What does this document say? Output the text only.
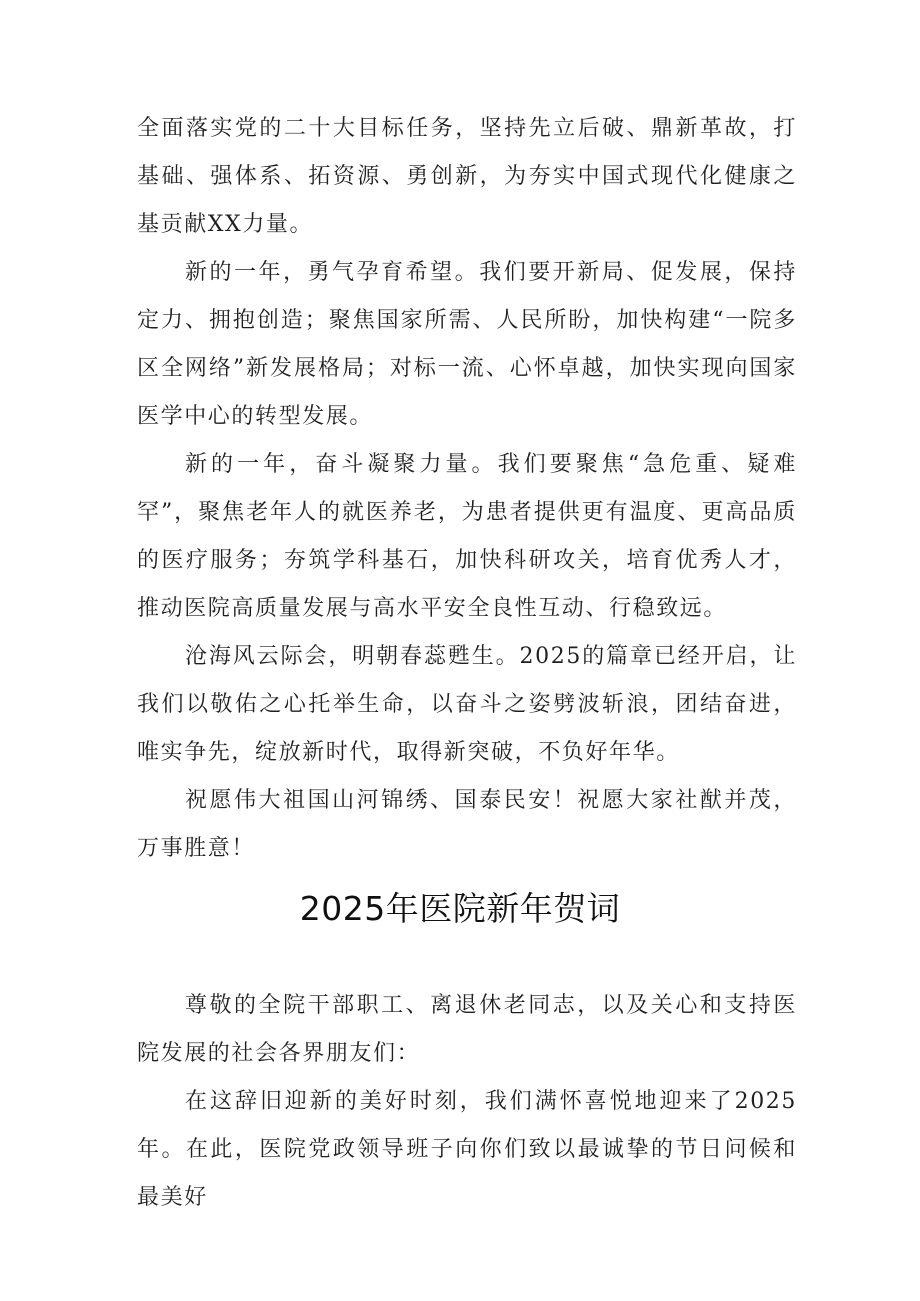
全面落实党的二十大目标任务，坚持先立后破、鼎新革故，打基础、强体系、拓资源、勇创新，为夯实中国式现代化健康之基贡献XX力量。

新的一年，勇气孕育希望。我们要开新局、促发展，保持定力、拥抱创造；聚焦国家所需、人民所盼，加快构建“一院多区全网络”新发展格局；对标一流、心怀卓越，加快实现向国家医学中心的转型发展。

新的一年，奋斗凝聚力量。我们要聚焦“急危重、疑难罕”，聚焦老年人的就医养老，为患者提供更有温度、更高品质的医疗服务；夯筑学科基石，加快科研攻关，培育优秀人才，推动医院高质量发展与高水平安全良性互动、行稳致远。

沧海风云际会，明朝春蕊甦生。2025的篇章已经开启，让我们以敬佑之心托举生命，以奋斗之姿劈波斩浪，团结奋进，唯实争先，绽放新时代，取得新突破，不负好年华。

祝愿伟大祖国山河锦绣、国泰民安！祝愿大家社猷并茂，万事胜意！

2025年医院新年贺词

尊敬的全院干部职工、离退休老同志，以及关心和支持医院发展的社会各界朋友们：

在这辞旧迎新的美好时刻，我们满怀喜悦地迎来了2025年。在此，医院党政领导班子向你们致以最诚挚的节日问候和最美好
